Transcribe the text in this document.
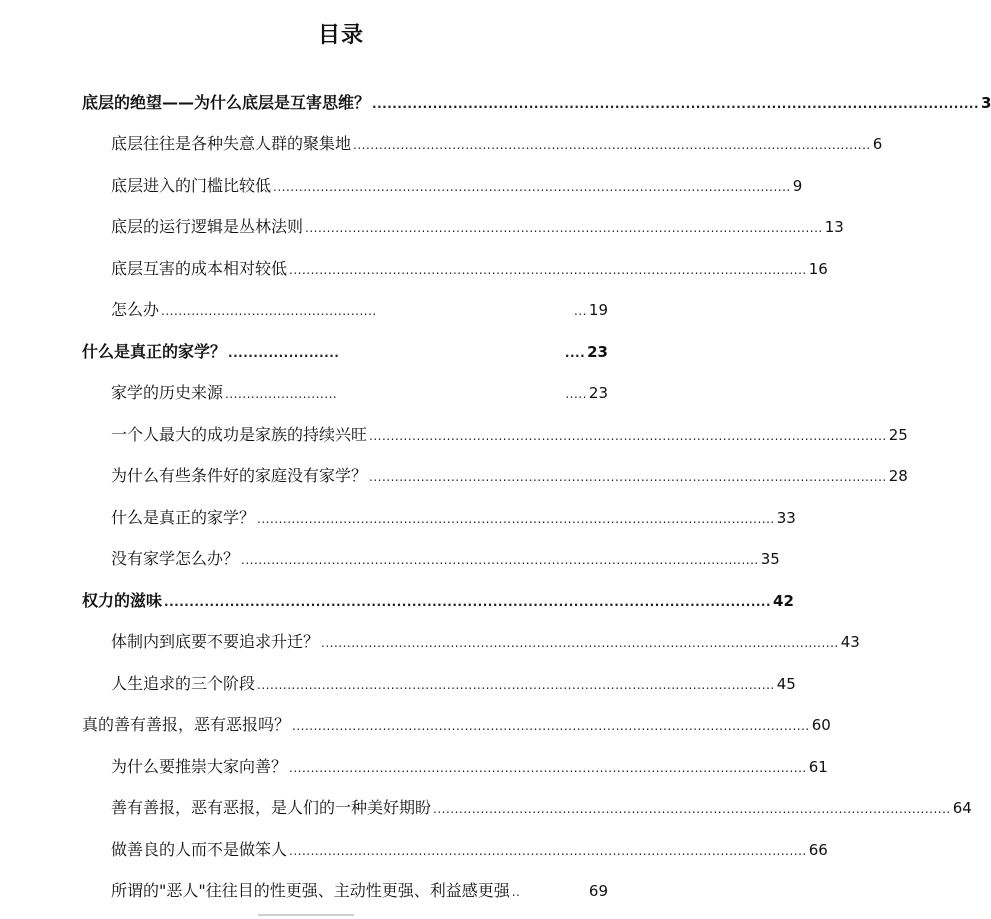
目录
底层的绝望——为什么底层是互害思维？ ........................................................................................................................ 3
底层往往是各种失意人群的聚集地 ........................................................................................................................ 6
底层进入的门槛比较低 ........................................................................................................................ 9
底层的运行逻辑是丛林法则 ........................................................................................................................ 13
底层互害的成本相对较低 ........................................................................................................................ 16
怎么办 ..................................................	... 19
什么是真正的家学？ ......................	.... 23
家学的历史来源 ..........................	..... 23
一个人最大的成功是家族的持续兴旺 ........................................................................................................................ 25
为什么有些条件好的家庭没有家学？ ........................................................................................................................ 28
什么是真正的家学？ ........................................................................................................................ 33
没有家学怎么办？ ........................................................................................................................ 35
权力的滋味 ........................................................................................................................ 42
体制内到底要不要追求升迁？ ........................................................................................................................ 43
人生追求的三个阶段 ........................................................................................................................ 45
真的善有善报，恶有恶报吗？ ........................................................................................................................ 60
为什么要推崇大家向善？ ........................................................................................................................ 61
善有善报，恶有恶报，是人们的一种美好期盼 ........................................................................................................................ 64
做善良的人而不是做笨人 ........................................................................................................................ 66
所谓的"恶人"往往目的性更强、主动性更强、利益感更强 ..	69
